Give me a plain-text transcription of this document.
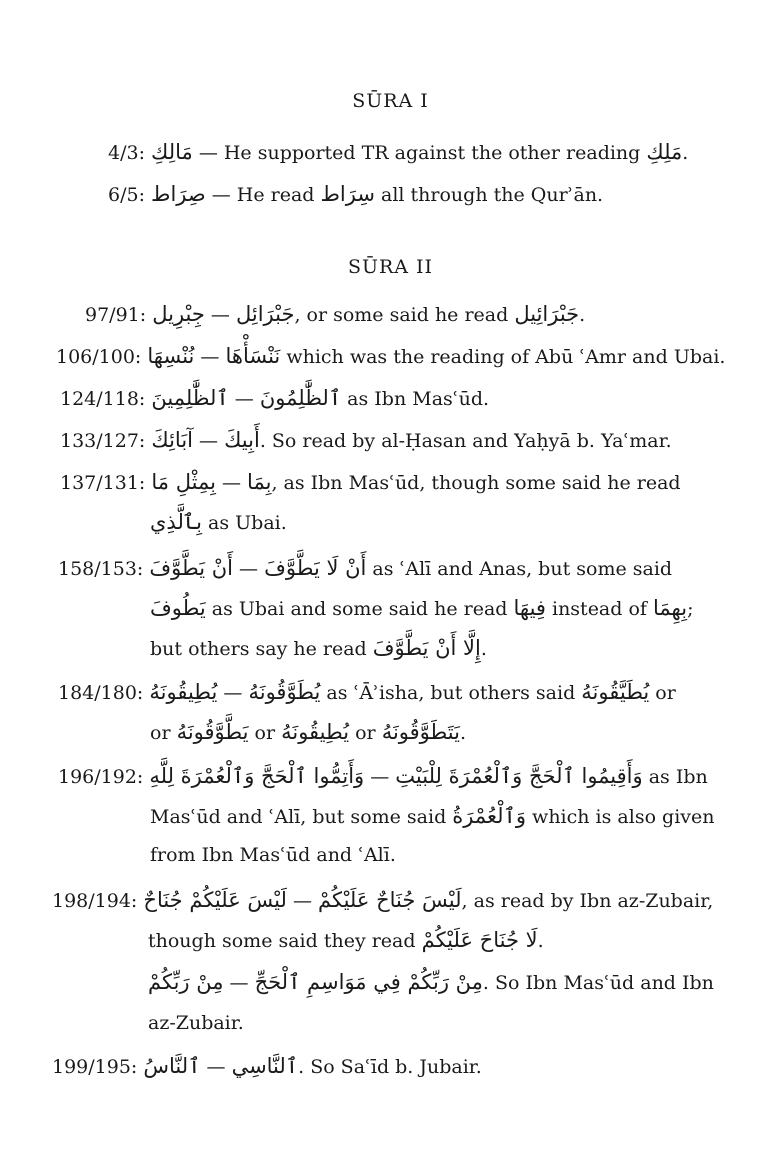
SŪRA I
4/3: مَالِكِ — He supported TR against the other reading مَلِكِ.
6/5: صِرَاط — He read سِرَاط all through the Qurʾān.
SŪRA II
97/91: جِبْرِيل — جَبْرَائِل, or some said he read جَبْرَائِيل.
106/100: نُنْسِهَا — نَنْسَأْهَا which was the reading of Abū ʿAmr and Ubai.
124/118: ٱلظَّٰلِمِينَ — ٱلظَّٰلِمُونَ as Ibn Masʿūd.
133/127: آبَائِكَ — أَبِيكَ. So read by al-Ḥasan and Yaḥyā b. Yaʿmar.
137/131: بِمِثْلِ مَا — بِمَا, as Ibn Masʿūd, though some said he read
بِٱلَّذِي as Ubai.
158/153: أَنْ يَطَّوَّفَ — أَنْ لَا يَطَّوَّفَ as ʿAlī and Anas, but some said
يَطُوفَ as Ubai and some said he read فِيهَا instead of بِهِمَا;
but others say he read إِلَّا أَنْ يَطَّوَّفَ.
184/180: يُطِيقُونَهُ — يُطَوَّقُونَهُ as ʿĀʾisha, but others said يُطَيَّقُونَهُ or
or يَطَّوَّقُونَهُ or يُطِيقُونَهُ or يَتَطَوَّقُونَهُ.
196/192: وَأَتِمُّوا ٱلْحَجَّ وَٱلْعُمْرَةَ لِلَّهِ — وَأَقِيمُوا ٱلْحَجَّ وَٱلْعُمْرَةَ لِلْبَيْتِ as Ibn
Masʿūd and ʿAlī, but some said وَٱلْعُمْرَةُ which is also given
from Ibn Masʿūd and ʿAlī.
198/194: لَيْسَ عَلَيْكُمْ جُنَاحٌ — لَيْسَ جُنَاحٌ عَلَيْكُمْ, as read by Ibn az-Zubair,
though some said they read لَا جُنَاحَ عَلَيْكُمْ.
مِنْ رَبِّكُمْ — مِنْ رَبِّكُمْ فِي مَوَاسِمِ ٱلْحَجِّ. So Ibn Masʿūd and Ibn
az-Zubair.
199/195: ٱلنَّاسُ — ٱلنَّاسِي. So Saʿīd b. Jubair.
